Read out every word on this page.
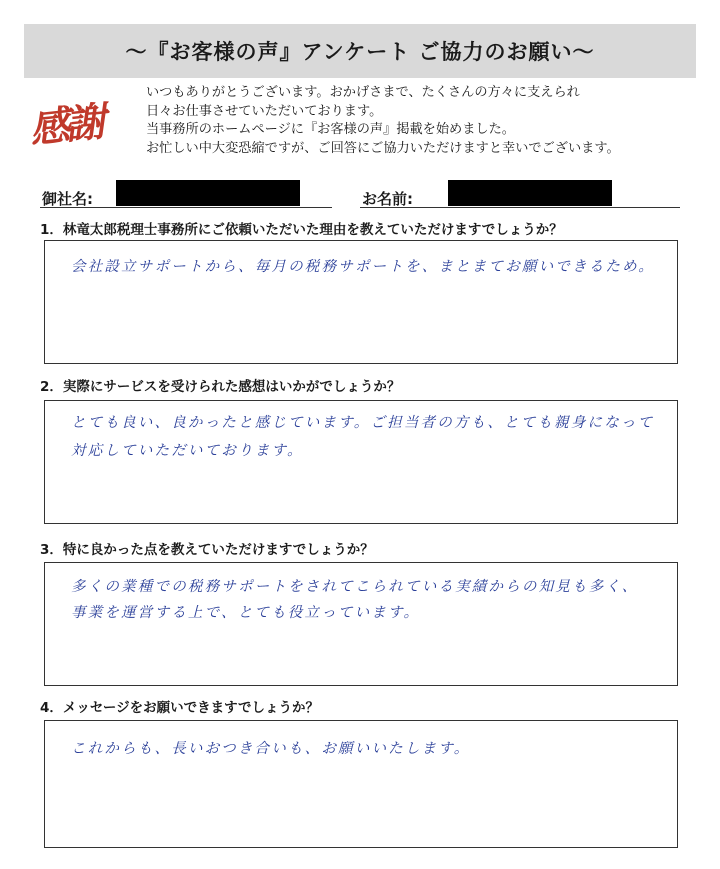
～『お客様の声』アンケート ご協力のお願い～
感謝
いつもありがとうございます。おかげさまで、たくさんの方々に支えられ
日々お仕事させていただいております。
当事務所のホームページに『お客様の声』掲載を始めました。
お忙しい中大変恐縮ですが、ご回答にご協力いただけますと幸いでございます。
御社名:	お名前:
1．林竜太郎税理士事務所にご依頼いただいた理由を教えていただけますでしょうか？
会社設立サポートから、毎月の税務サポートを、まとまてお願いできるため。
2．実際にサービスを受けられた感想はいかがでしょうか？
とても良い、良かったと感じています。ご担当者の方も、とても親身になって
対応していただいております。
3．特に良かった点を教えていただけますでしょうか？
多くの業種での税務サポートをされてこられている実績からの知見も多く、
事業を運営する上で、とても役立っています。
4．メッセージをお願いできますでしょうか？
これからも、長いおつき合いも、お願いいたします。
